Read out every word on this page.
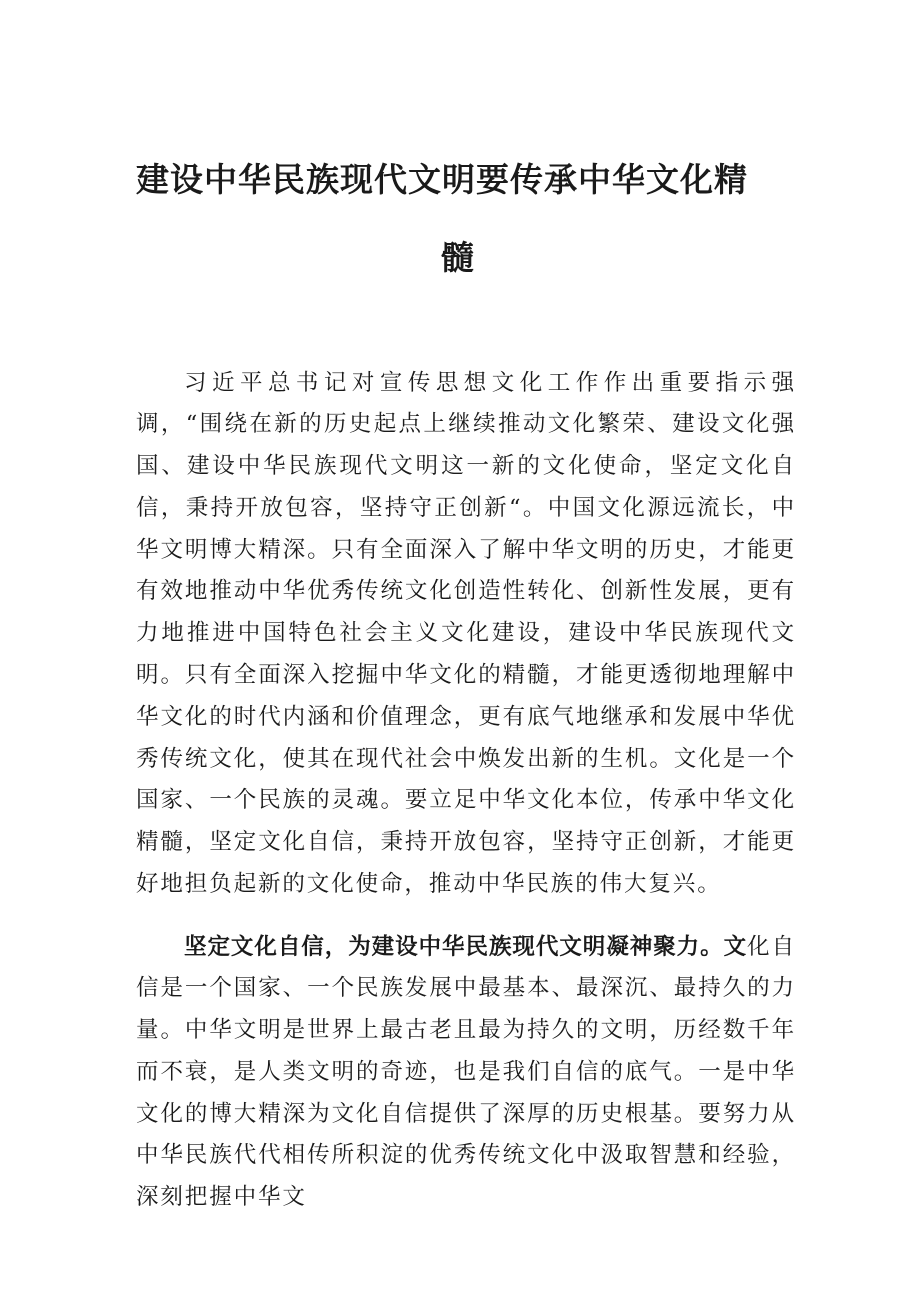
建设中华民族现代文明要传承中华文化精
髓

习近平总书记对宣传思想文化工作作出重要指示强调，“围绕在新的历史起点上继续推动文化繁荣、建设文化强国、建设中华民族现代文明这一新的文化使命，坚定文化自信，秉持开放包容，坚持守正创新“。中国文化源远流长，中华文明博大精深。只有全面深入了解中华文明的历史，才能更有效地推动中华优秀传统文化创造性转化、创新性发展，更有力地推进中国特色社会主义文化建设，建设中华民族现代文明。只有全面深入挖掘中华文化的精髓，才能更透彻地理解中华文化的时代内涵和价值理念，更有底气地继承和发展中华优秀传统文化，使其在现代社会中焕发出新的生机。文化是一个国家、一个民族的灵魂。要立足中华文化本位，传承中华文化精髓，坚定文化自信，秉持开放包容，坚持守正创新，才能更好地担负起新的文化使命，推动中华民族的伟大复兴。

坚定文化自信，为建设中华民族现代文明凝神聚力。文化自信是一个国家、一个民族发展中最基本、最深沉、最持久的力量。中华文明是世界上最古老且最为持久的文明，历经数千年而不衰，是人类文明的奇迹，也是我们自信的底气。一是中华文化的博大精深为文化自信提供了深厚的历史根基。要努力从中华民族代代相传所积淀的优秀传统文化中汲取智慧和经验，深刻把握中华文
